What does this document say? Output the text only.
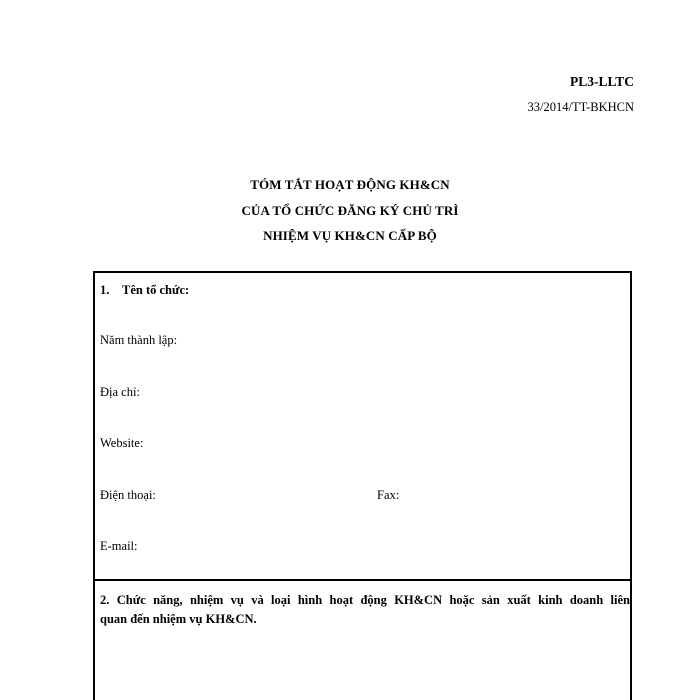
PL3-LLTC
33/2014/TT-BKHCN
TÓM TẮT HOẠT ĐỘNG KH&CN
CỦA TỔ CHỨC ĐĂNG KÝ CHỦ TRÌ
NHIỆM VỤ KH&CN CẤP BỘ
1. Tên tổ chức:
Năm thành lập:
Địa chỉ:
Website:
Điện thoại:	Fax:
E-mail:
2. Chức năng, nhiệm vụ và loại hình hoạt động KH&CN hoặc sản xuất kinh doanh liên
quan đến nhiệm vụ KH&CN.
